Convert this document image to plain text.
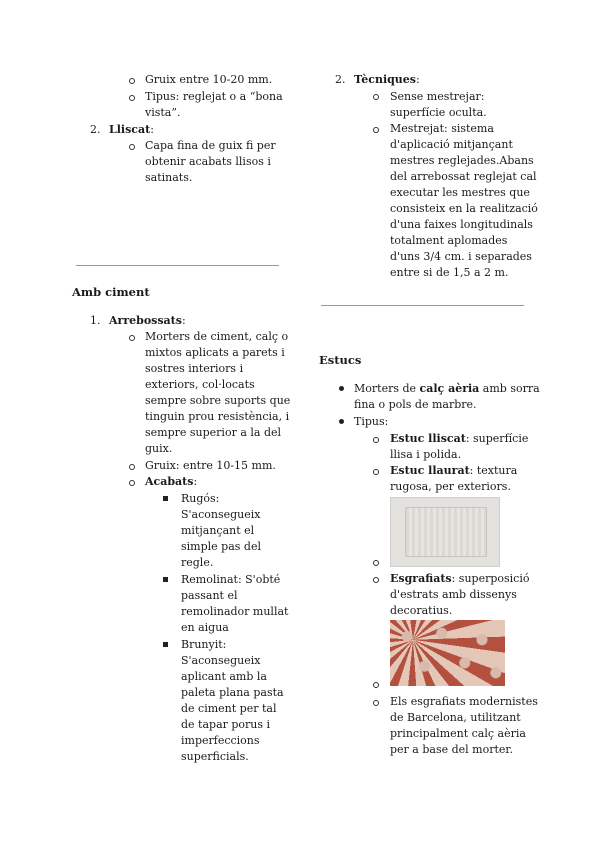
Gruix entre 10-20 mm.
Tipus: reglejat o a “bona
vista”.
2. Lliscat:
Capa fina de guix fi per
obtenir acabats llisos i
satinats.
Amb ciment
1. Arrebossats:
Morters de ciment, calç o
mixtos aplicats a parets i
sostres interiors i
exteriors, col·locats
sempre sobre suports que
tinguin prou resistència, i
sempre superior a la del
guix.
Gruix: entre 10-15 mm.
Acabats:
Rugós:
S'aconsegueix
mitjançant el
simple pas del
regle.
Remolinat: S'obté
passant el
remolinador mullat
en aigua
Brunyit:
S'aconsegueix
aplicant amb la
paleta plana pasta
de ciment per tal
de tapar porus i
imperfeccions
superficials.
2. Tècniques:
Sense mestrejar:
superfície oculta.
Mestrejat: sistema
d'aplicació mitjançant
mestres reglejades.Abans
del arrebossat reglejat cal
executar les mestres que
consisteix en la realització
d'una faixes longitudinals
totalment aplomades
d'uns 3/4 cm. i separades
entre si de 1,5 a 2 m.
Estucs
Morters de calç aèria amb sorra
fina o pols de marbre.
Tipus:
Estuc lliscat: superfície
llisa i polida.
Estuc llaurat: textura
rugosa, per exteriors.
Esgrafiats: superposició
d'estrats amb dissenys
decoratius.
Els esgrafiats modernistes
de Barcelona, utilitzant
principalment calç aèria
per a base del morter.
